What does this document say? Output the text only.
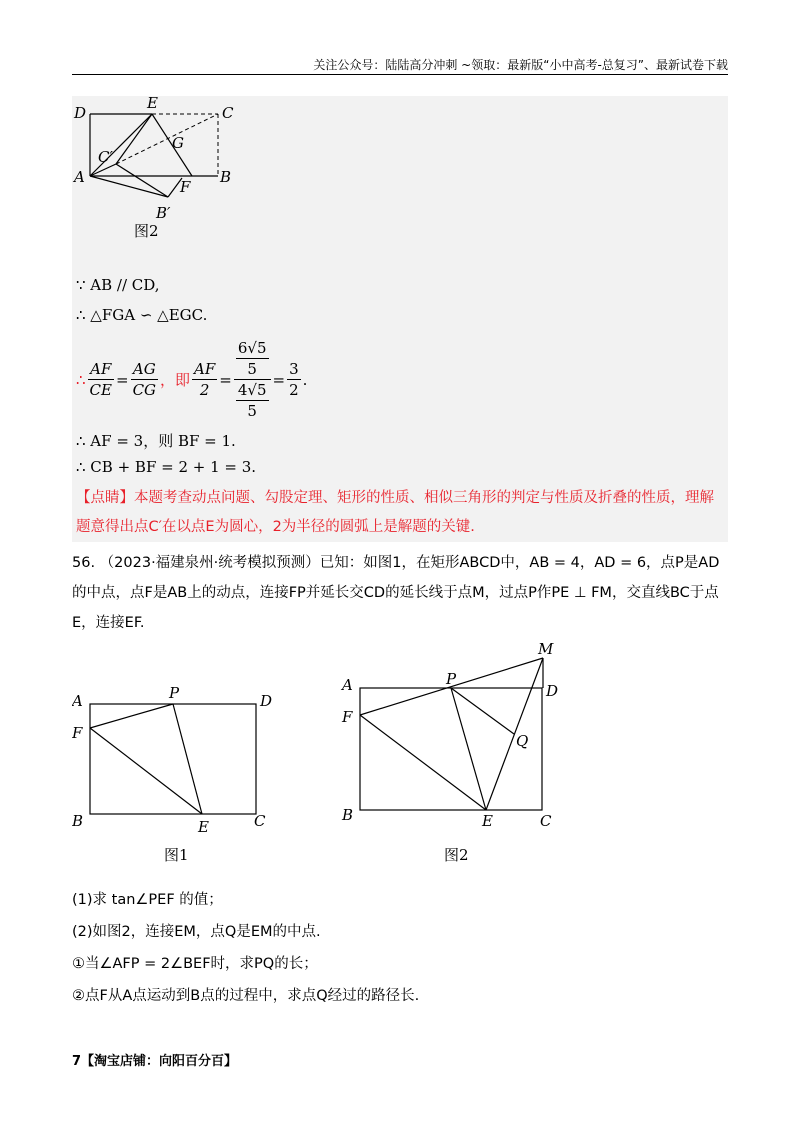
关注公众号：陆陆高分冲刺 ~领取：最新版“小中高考-总复习”、最新试卷下载
D
E
C
G
C′
A
F
B
B′
图2
∵ AB // CD,
∴ △FGA ∽ △EGC.
∴ $\frac{AF}{CE} = \frac{AG}{CG}$ ，即 $\frac{AF}{2} = \frac{\frac{6√5}{5}}{\frac{4√5}{5}} = \frac{3}{2}$ .
∴ AF = 3，则 BF = 1.
∴ CB + BF = 2 + 1 = 3.
【点睛】本题考查动点问题、勾股定理、矩形的性质、相似三角形的判定与性质及折叠的性质，理解题意得出点C′在以点E为圆心，2为半径的圆弧上是解题的关键.
56. （2023·福建泉州·统考模拟预测）已知：如图1，在矩形ABCD中，AB = 4，AD = 6，点P是AD的中点，点F是AB上的动点，连接FP并延长交CD的延长线于点M，过点P作PE ⊥ FM，交直线BC于点E，连接EF.
A	P	D
F
B	E	C
图1
M
A	P
D
F
Q
B	E	C
图2
(1)求 tan∠PEF 的值；
(2)如图2，连接EM，点Q是EM的中点.
①当∠AFP = 2∠BEF时，求PQ的长；
②点F从A点运动到B点的过程中，求点Q经过的路径长.
7【淘宝店铺：向阳百分百】
